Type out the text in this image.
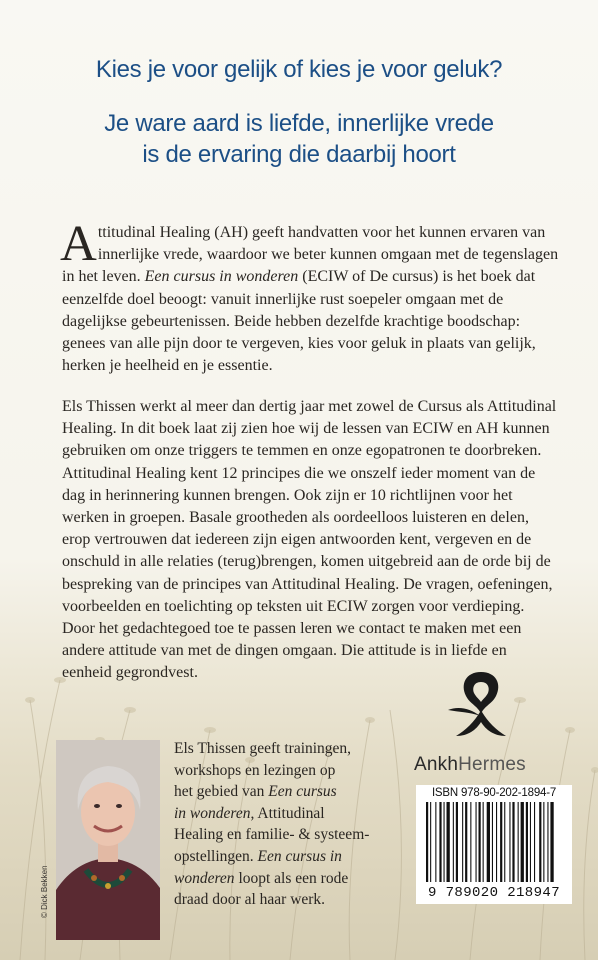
Kies je voor gelijk of kies je voor geluk?
Je ware aard is liefde, innerlijke vrede
is de ervaring die daarbij hoort
A ttitudinal Healing (AH) geeft handvatten voor het kunnen ervaren van
innerlijke vrede, waardoor we beter kunnen omgaan met de tegenslagen
in het leven. Een cursus in wonderen (ECIW of De cursus) is het boek dat
eenzelfde doel beoogt: vanuit innerlijke rust soepeler omgaan met de
dagelijkse gebeurtenissen. Beide hebben dezelfde krachtige boodschap:
genees van alle pijn door te vergeven, kies voor geluk in plaats van gelijk,
herken je heelheid en je essentie.
Els Thissen werkt al meer dan dertig jaar met zowel de Cursus als Attitudinal
Healing. In dit boek laat zij zien hoe wij de lessen van ECIW en AH kunnen
gebruiken om onze triggers te temmen en onze egopatronen te doorbreken.
Attitudinal Healing kent 12 principes die we onszelf ieder moment van de
dag in herinnering kunnen brengen. Ook zijn er 10 richtlijnen voor het
werken in groepen. Basale grootheden als oordeelloos luisteren en delen,
erop vertrouwen dat iedereen zijn eigen antwoorden kent, vergeven en de
onschuld in alle relaties (terug)brengen, komen uitgebreid aan de orde bij de
bespreking van de principes van Attitudinal Healing. De vragen, oefeningen,
voorbeelden en toelichting op teksten uit ECIW zorgen voor verdieping.
Door het gedachtegoed toe te passen leren we contact te maken met een
andere attitude van met de dingen omgaan. Die attitude is in liefde en
eenheid gegrondvest.
© Dick Bekken
Els Thissen geeft trainingen,
workshops en lezingen op
het gebied van Een cursus
in wonderen, Attitudinal
Healing en familie- & systeem-
opstellingen. Een cursus in
wonderen loopt als een rode
draad door al haar werk.
AnkhHermes
ISBN 978-90-202-1894-7
9 789020 218947
